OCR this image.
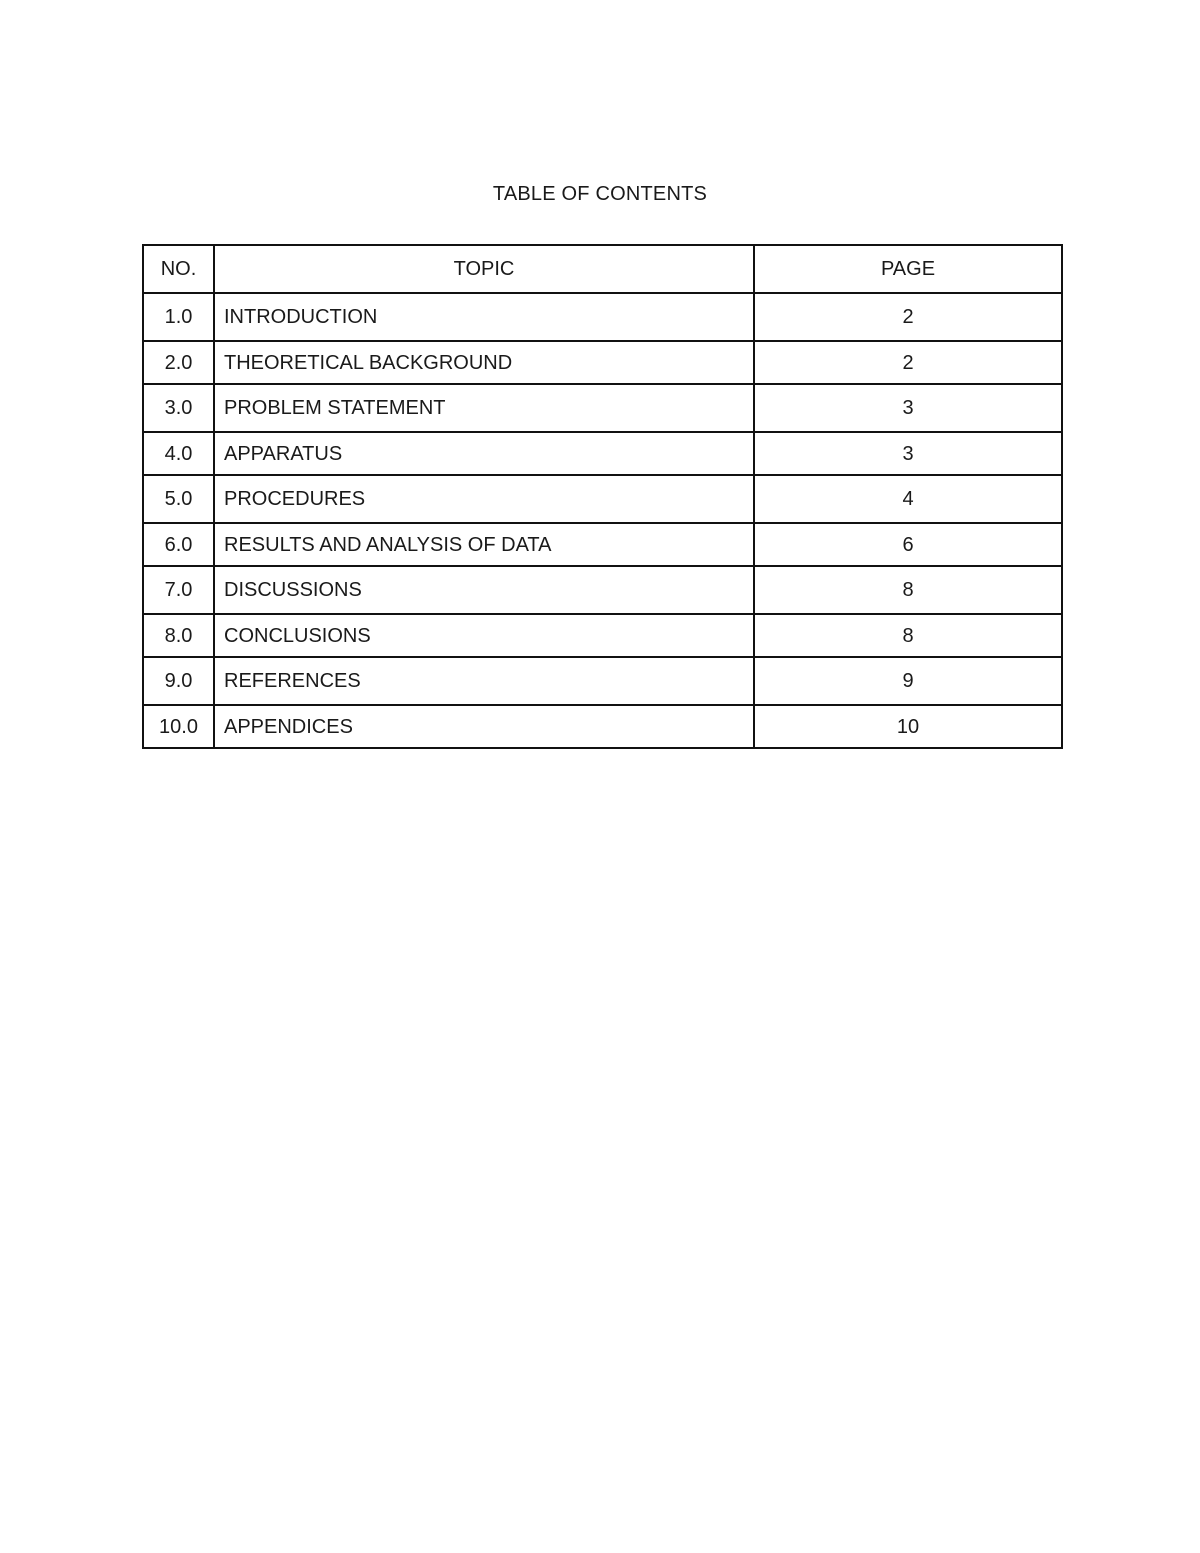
TABLE OF CONTENTS
NO.	TOPIC	PAGE
1.0	INTRODUCTION	2
2.0	THEORETICAL BACKGROUND	2
3.0	PROBLEM STATEMENT	3
4.0	APPARATUS	3
5.0	PROCEDURES	4
6.0	RESULTS AND ANALYSIS OF DATA	6
7.0	DISCUSSIONS	8
8.0	CONCLUSIONS	8
9.0	REFERENCES	9
10.0	APPENDICES	10
